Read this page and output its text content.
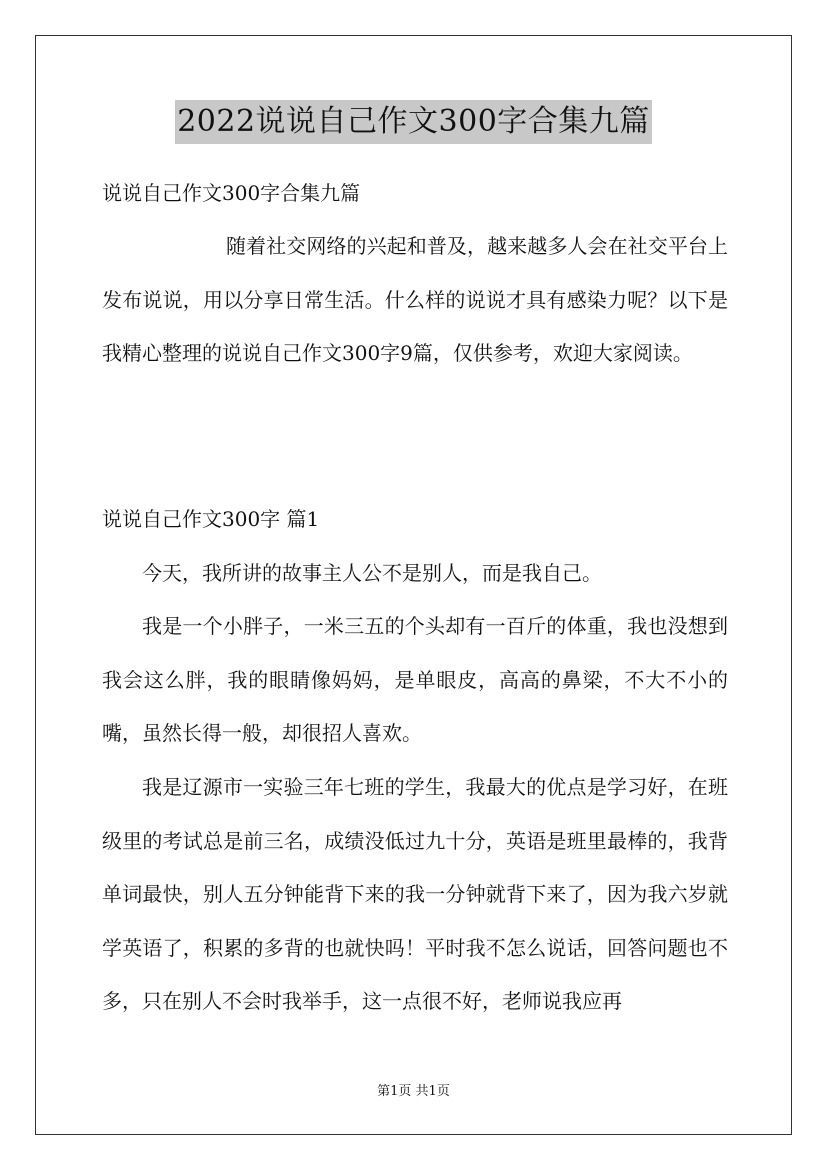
2022说说自己作文300字合集九篇

说说自己作文300字合集九篇

随着社交网络的兴起和普及，越来越多人会在社交平台上发布说说，用以分享日常生活。什么样的说说才具有感染力呢？以下是我精心整理的说说自己作文300字9篇，仅供参考，欢迎大家阅读。

说说自己作文300字 篇1

今天，我所讲的故事主人公不是别人，而是我自己。

我是一个小胖子，一米三五的个头却有一百斤的体重，我也没想到我会这么胖，我的眼睛像妈妈，是单眼皮，高高的鼻梁，不大不小的嘴，虽然长得一般，却很招人喜欢。

我是辽源市一实验三年七班的学生，我最大的优点是学习好，在班级里的考试总是前三名，成绩没低过九十分，英语是班里最棒的，我背单词最快，别人五分钟能背下来的我一分钟就背下来了，因为我六岁就学英语了，积累的多背的也就快吗！平时我不怎么说话，回答问题也不多，只在别人不会时我举手，这一点很不好，老师说我应再

第1页 共1页
